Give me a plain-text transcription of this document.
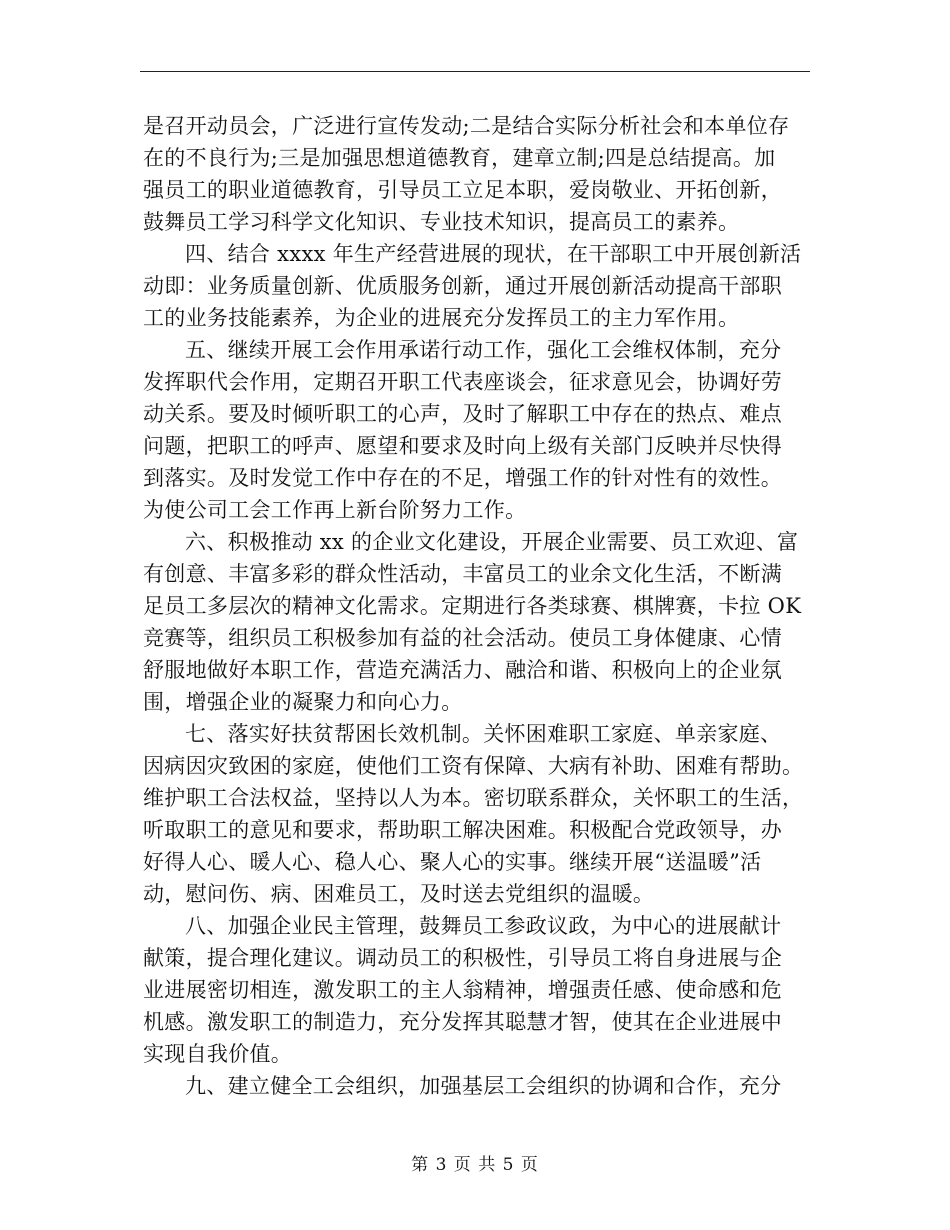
是召开动员会，广泛进行宣传发动;二是结合实际分析社会和本单位存
在的不良行为;三是加强思想道德教育，建章立制;四是总结提高。加
强员工的职业道德教育，引导员工立足本职，爱岗敬业、开拓创新，
鼓舞员工学习科学文化知识、专业技术知识，提高员工的素养。
四、结合 xxxx 年生产经营进展的现状，在干部职工中开展创新活
动即：业务质量创新、优质服务创新，通过开展创新活动提高干部职
工的业务技能素养，为企业的进展充分发挥员工的主力军作用。
五、继续开展工会作用承诺行动工作，强化工会维权体制，充分
发挥职代会作用，定期召开职工代表座谈会，征求意见会，协调好劳
动关系。要及时倾听职工的心声，及时了解职工中存在的热点、难点
问题，把职工的呼声、愿望和要求及时向上级有关部门反映并尽快得
到落实。及时发觉工作中存在的不足，增强工作的针对性有的效性。
为使公司工会工作再上新台阶努力工作。
六、积极推动 xx 的企业文化建设，开展企业需要、员工欢迎、富
有创意、丰富多彩的群众性活动，丰富员工的业余文化生活，不断满
足员工多层次的精神文化需求。定期进行各类球赛、棋牌赛，卡拉 OK
竞赛等，组织员工积极参加有益的社会活动。使员工身体健康、心情
舒服地做好本职工作，营造充满活力、融洽和谐、积极向上的企业氛
围，增强企业的凝聚力和向心力。
七、落实好扶贫帮困长效机制。关怀困难职工家庭、单亲家庭、
因病因灾致困的家庭，使他们工资有保障、大病有补助、困难有帮助。
维护职工合法权益，坚持以人为本。密切联系群众，关怀职工的生活，
听取职工的意见和要求，帮助职工解决困难。积极配合党政领导，办
好得人心、暖人心、稳人心、聚人心的实事。继续开展“送温暖”活
动，慰问伤、病、困难员工，及时送去党组织的温暖。
八、加强企业民主管理，鼓舞员工参政议政，为中心的进展献计
献策，提合理化建议。调动员工的积极性，引导员工将自身进展与企
业进展密切相连，激发职工的主人翁精神，增强责任感、使命感和危
机感。激发职工的制造力，充分发挥其聪慧才智，使其在企业进展中
实现自我价值。
九、建立健全工会组织，加强基层工会组织的协调和合作，充分
第 3 页 共 5 页
